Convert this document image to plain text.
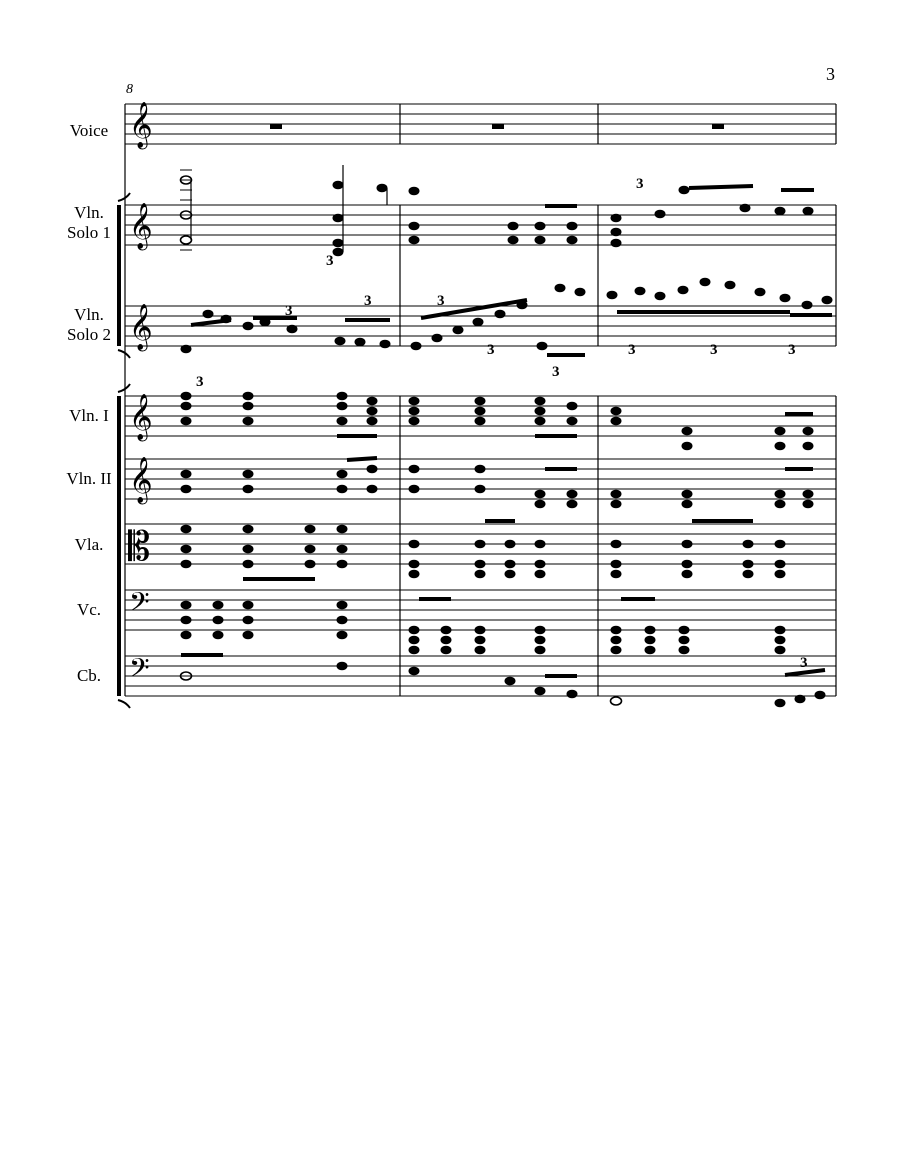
3
8
Voice
Vln.
Solo 1
Vln.
Solo 2
Vln. I
Vln. II
Vla.
Vc.
Cb.
𝄞
𝄞
𝄞
𝄞
𝄞
𝄡
𝄢
𝄢
3
3
3
3
3	3
3
3
3	3	3
3
